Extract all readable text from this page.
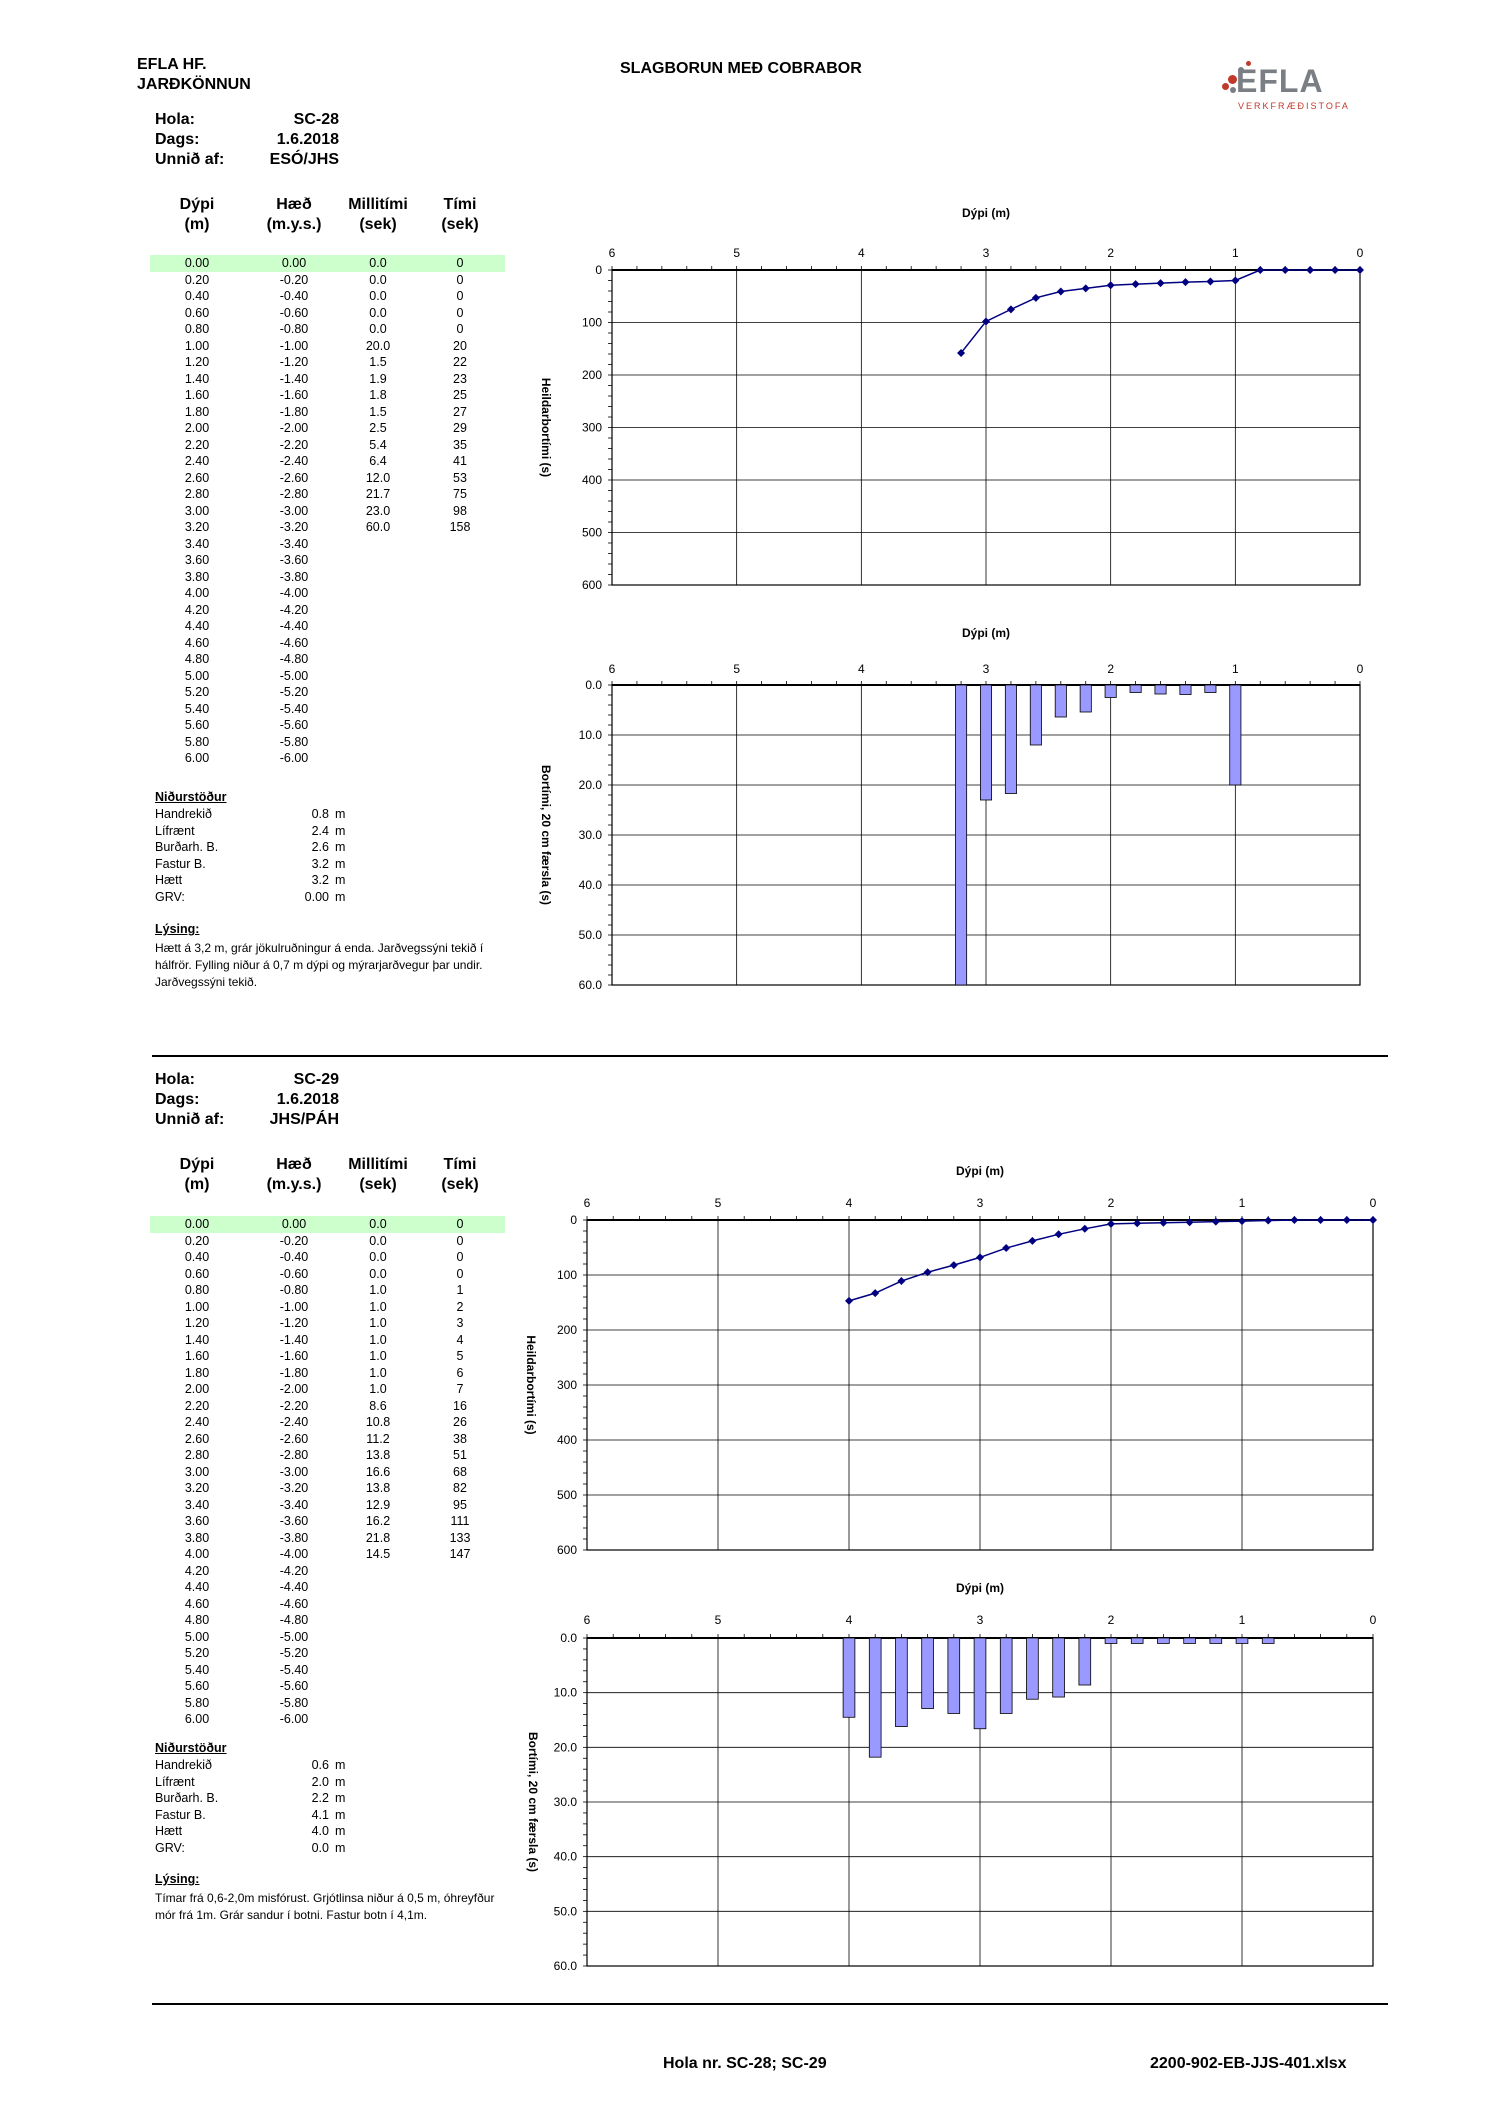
EFLA HF.
JARÐKÖNNUN
SLAGBORUN MEÐ COBRABOR	EFLA
VERKFRÆÐISTOFA
Hola:	SC-28
Dags:	1.6.2018
Unnið af:	ESÓ/JHS
Dýpi
(m)
Hæð
(m.y.s.)
Millitími
(sek)
Tími
(sek)
Niðurstöður
Lýsing:
Hætt á 3,2 m, grár jökulruðningur á enda. Jarðvegssýni tekið í hálfrör. Fylling niður á 0,7 m dýpi og mýrarjarðvegur þar undir. Jarðvegssýni tekið.
Dýpi (m)
Heildarbortími (s)
6	5	4	3	2	1	0
0
100
200
300
400
500
600
Dýpi (m)
Bortími, 20 cm færsla (s)
6	5	4	3	2	1	0
0.0
10.0
20.0
30.0
40.0
50.0
60.0
Hola:	SC-29
Dags:	1.6.2018
Unnið af:	JHS/PÁH
Dýpi
(m)
Hæð
(m.y.s.)
Millitími
(sek)
Tími
(sek)
Niðurstöður
Lýsing:
Tímar frá 0,6-2,0m misfórust. Grjótlinsa niður á 0,5 m, óhreyfður mór frá 1m. Grár sandur í botni. Fastur botn í 4,1m.
Dýpi (m)
Heildarbortími (s)
6	5	4	3	2	1	0
0
100
200
300
400
500
600
Dýpi (m)
Bortími, 20 cm færsla (s)
6	5	4	3	2	1	0
0.0
10.0
20.0
30.0
40.0
50.0
60.0
Hola nr. SC-28; SC-29	2200-902-EB-JJS-401.xlsx
0.00	0.00	0.0	0
0.20	-0.20	0.0	0
0.40	-0.40	0.0	0
0.60	-0.60	0.0	0
0.80	-0.80	0.0	0
1.00	-1.00	20.0	20
1.20	-1.20	1.5	22
1.40	-1.40	1.9	23
1.60	-1.60	1.8	25
1.80	-1.80	1.5	27
2.00	-2.00	2.5	29
2.20	-2.20	5.4	35
2.40	-2.40	6.4	41
2.60	-2.60	12.0	53
2.80	-2.80	21.7	75
3.00	-3.00	23.0	98
3.20	-3.20	60.0	158
3.40	-3.40
3.60	-3.60
3.80	-3.80
4.00	-4.00
4.20	-4.20
4.40	-4.40
4.60	-4.60
4.80	-4.80
5.00	-5.00
5.20	-5.20
5.40	-5.40
5.60	-5.60
5.80	-5.80
6.00	-6.00
Handrekið	0.8 m
Lífrænt	2.4 m
Burðarh. B.	2.6 m
Fastur B.	3.2 m
Hætt	3.2 m
GRV:	0.00 m
0.00	0.00	0.0	0
0.20	-0.20	0.0	0
0.40	-0.40	0.0	0
0.60	-0.60	0.0	0
0.80	-0.80	1.0	1
1.00	-1.00	1.0	2
1.20	-1.20	1.0	3
1.40	-1.40	1.0	4
1.60	-1.60	1.0	5
1.80	-1.80	1.0	6
2.00	-2.00	1.0	7
2.20	-2.20	8.6	16
2.40	-2.40	10.8	26
2.60	-2.60	11.2	38
2.80	-2.80	13.8	51
3.00	-3.00	16.6	68
3.20	-3.20	13.8	82
3.40	-3.40	12.9	95
3.60	-3.60	16.2	111
3.80	-3.80	21.8	133
4.00	-4.00	14.5	147
4.20	-4.20
4.40	-4.40
4.60	-4.60
4.80	-4.80
5.00	-5.00
5.20	-5.20
5.40	-5.40
5.60	-5.60
5.80	-5.80
6.00	-6.00
Handrekið	0.6 m
Lífrænt	2.0 m
Burðarh. B.	2.2 m
Fastur B.	4.1 m
Hætt	4.0 m
GRV:	0.0 m
